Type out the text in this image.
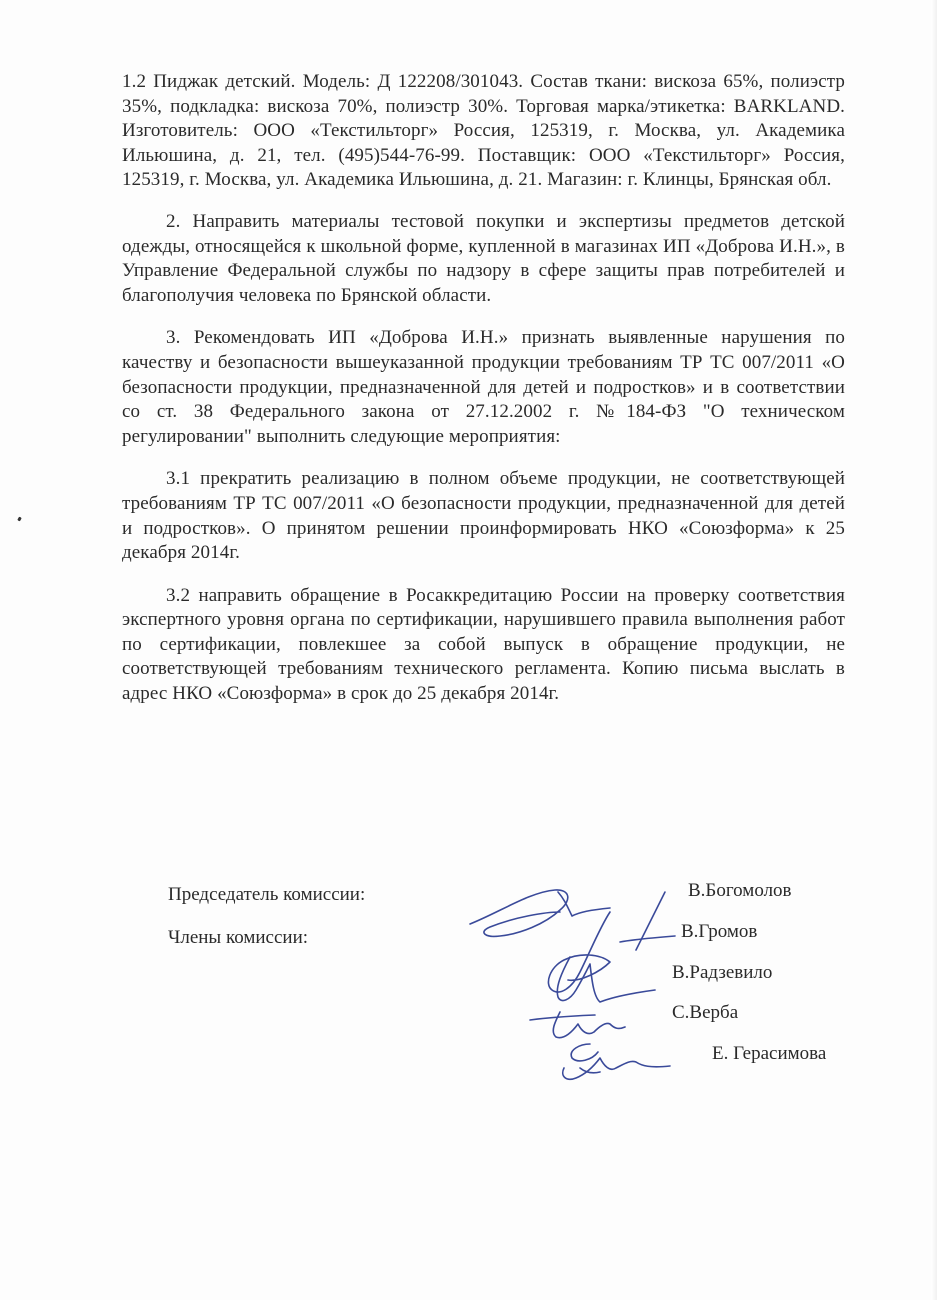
1.2 Пиджак детский. Модель: Д 122208/301043. Состав ткани: вискоза 65%, полиэстр 35%, подкладка: вискоза 70%, полиэстр 30%. Торговая марка/этикетка: BARKLAND. Изготовитель: ООО «Текстильторг» Россия, 125319, г. Москва, ул. Академика Ильюшина, д. 21, тел. (495)544-76-99. Поставщик: ООО «Текстильторг» Россия, 125319, г. Москва, ул. Академика Ильюшина, д. 21. Магазин: г. Клинцы, Брянская обл.

2. Направить материалы тестовой покупки и экспертизы предметов детской одежды, относящейся к школьной форме, купленной в магазинах ИП «Доброва И.Н.», в Управление Федеральной службы по надзору в сфере защиты прав потребителей и благополучия человека по Брянской области.

3. Рекомендовать ИП «Доброва И.Н.» признать выявленные нарушения по качеству и безопасности вышеуказанной продукции требованиям ТР ТС 007/2011 «О безопасности продукции, предназначенной для детей и подростков» и в соответствии со ст. 38 Федерального закона от 27.12.2002 г. №184-ФЗ "О техническом регулировании" выполнить следующие мероприятия:

3.1 прекратить реализацию в полном объеме продукции, не соответствующей требованиям ТР ТС 007/2011 «О безопасности продукции, предназначенной для детей и подростков». О принятом решении проинформировать НКО «Союзформа» к 25 декабря 2014г.

3.2 направить обращение в Росаккредитацию России на проверку соответствия экспертного уровня органа по сертификации, нарушившего правила выполнения работ по сертификации, повлекшее за собой выпуск в обращение продукции, не соответствующей требованиям технического регламента. Копию письма выслать в адрес НКО «Союзформа» в срок до 25 декабря 2014г.

Председатель комиссии:
Члены комиссии:
В.Богомолов
В.Громов
В.Радзевило
С.Верба
Е. Герасимова
